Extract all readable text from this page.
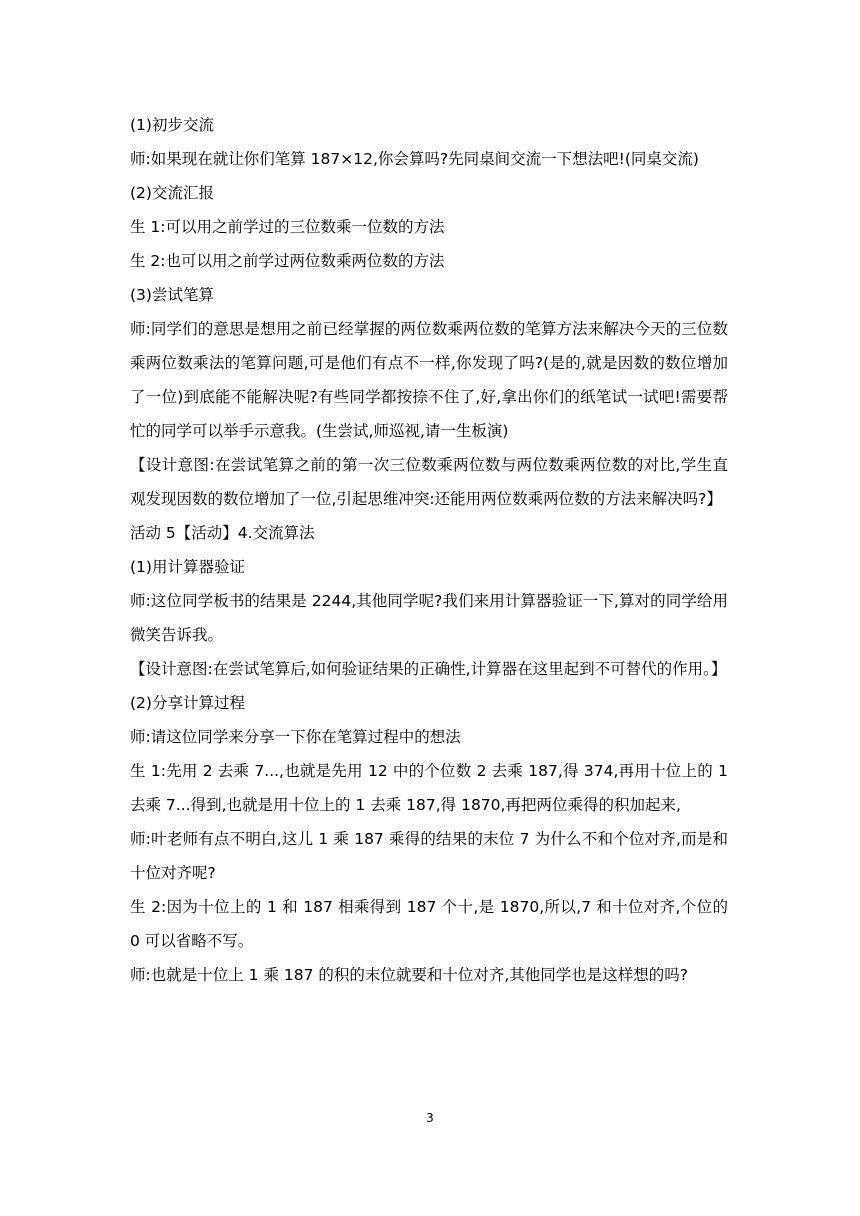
(1)初步交流

师:如果现在就让你们笔算 187×12,你会算吗?先同桌间交流一下想法吧!(同桌交流)

(2)交流汇报

生 1:可以用之前学过的三位数乘一位数的方法

生 2:也可以用之前学过两位数乘两位数的方法

(3)尝试笔算

师:同学们的意思是想用之前已经掌握的两位数乘两位数的笔算方法来解决今天的三位数乘两位数乘法的笔算问题,可是他们有点不一样,你发现了吗?(是的,就是因数的数位增加了一位)到底能不能解决呢?有些同学都按捺不住了,好,拿出你们的纸笔试一试吧!需要帮忙的同学可以举手示意我。(生尝试,师巡视,请一生板演)

【设计意图:在尝试笔算之前的第一次三位数乘两位数与两位数乘两位数的对比,学生直观发现因数的数位增加了一位,引起思维冲突:还能用两位数乘两位数的方法来解决吗?】

活动 5【活动】4.交流算法

(1)用计算器验证

师:这位同学板书的结果是 2244,其他同学呢?我们来用计算器验证一下,算对的同学给用微笑告诉我。

【设计意图:在尝试笔算后,如何验证结果的正确性,计算器在这里起到不可替代的作用。】

(2)分享计算过程

师:请这位同学来分享一下你在笔算过程中的想法

生 1:先用 2 去乘 7...,也就是先用 12 中的个位数 2 去乘 187,得 374,再用十位上的 1 去乘 7...得到,也就是用十位上的 1 去乘 187,得 1870,再把两位乘得的积加起来,

师:叶老师有点不明白,这儿 1 乘 187 乘得的结果的末位 7 为什么不和个位对齐,而是和十位对齐呢?

生 2:因为十位上的 1 和 187 相乘得到 187 个十,是 1870,所以,7 和十位对齐,个位的 0 可以省略不写。

师:也就是十位上 1 乘 187 的积的末位就要和十位对齐,其他同学也是这样想的吗?

3
